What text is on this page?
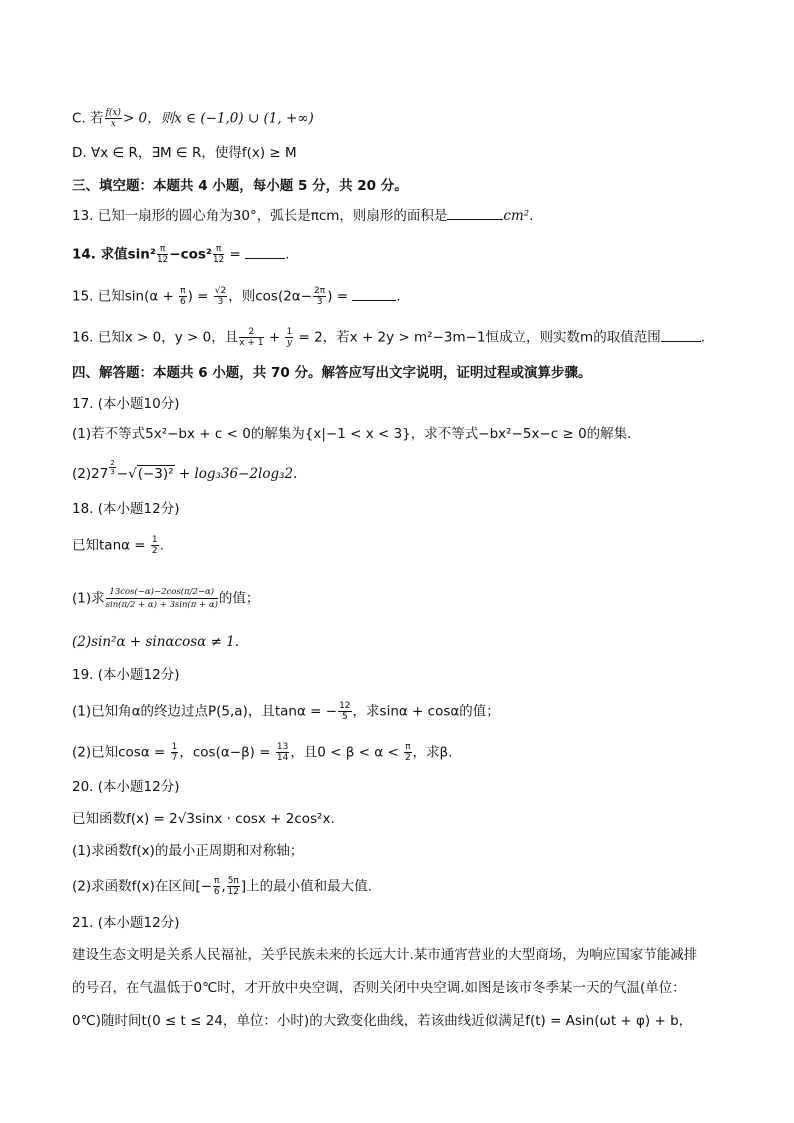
C. 若 $\frac{f(x)}{x} > 0$，则x ∈ (−1,0) ∪ (1, +∞)
D. ∀x ∈ R，∃M ∈ R，使得f(x) ≥ M
三、填空题：本题共 4 小题，每小题 5 分，共 20 分。
13. 已知一扇形的圆心角为30°，弧长是πcm，则扇形的面积是	cm².
14. 求值$\sin^2 \frac{\pi}{12} -\cos^2 \frac{\pi}{12}$ =	.
15. 已知$\sin(\alpha + \frac{\pi}{6}$ ) = $\frac{√2}{3}$ ，则$\cos(2\alpha- \frac{2\pi}{3}$ ) =	.
16. 已知x > 0，y > 0，且 $\frac{2}{x + 1} + \frac{1}{y} = 2$，若x + 2y > m²−3m−1恒成立，则实数m的取值范围	.
四、解答题：本题共 6 小题，共 70 分。解答应写出文字说明，证明过程或演算步骤。
17. (本小题10分)
(1)若不等式5x²−bx + c < 0的解集为{x|−1 < x < 3}，求不等式−bx²−5x−c ≥ 0的解集.
(2)27 $^{\frac{2}{3}}$ −√(−3)² + log₃36−2log₃2.
18. (本小题12分)
已知$\tan\alpha = \frac{1}{2}$ .
(1)求 $\frac{13\cos(-\alpha)-2\cos(\pi/2-\alpha)}{\sin(\pi/2 + \alpha) + 3\sin(\pi + \alpha)}$ 的值；
(2)sin²α + sinαcosα ≠ 1.
19. (本小题12分)
(1)已知角α的终边过点P(5,a)，且tanα = − $\frac{12}{5}$ ，求sinα + cosα的值；
(2)已知$\cos\alpha = \frac{1}{7}$ ，$\cos(\alpha-\beta) = \frac{13}{14}$ ，且$0 < \beta < \alpha < \frac{\pi}{2}$ ，求β.
20. (本小题12分)
已知函数f(x) = 2√3sinx · cosx + 2cos²x.
(1)求函数f(x)的最小正周期和对称轴；
(2)求函数f(x)在区间[− $\frac{\pi}{6}$ , $\frac{5\pi}{12}$ ]上的最小值和最大值.
21. (本小题12分)
建设生态文明是关系人民福祉，关乎民族未来的长远大计.某市通宵营业的大型商场，为响应国家节能减排
的号召，在气温低于0℃时，才开放中央空调，否则关闭中央空调.如图是该市冬季某一天的气温(单位：
0℃)随时间t(0 ≤ t ≤ 24，单位：小时)的大致变化曲线，若该曲线近似满足f(t) = Asin(ωt + φ) + b，
